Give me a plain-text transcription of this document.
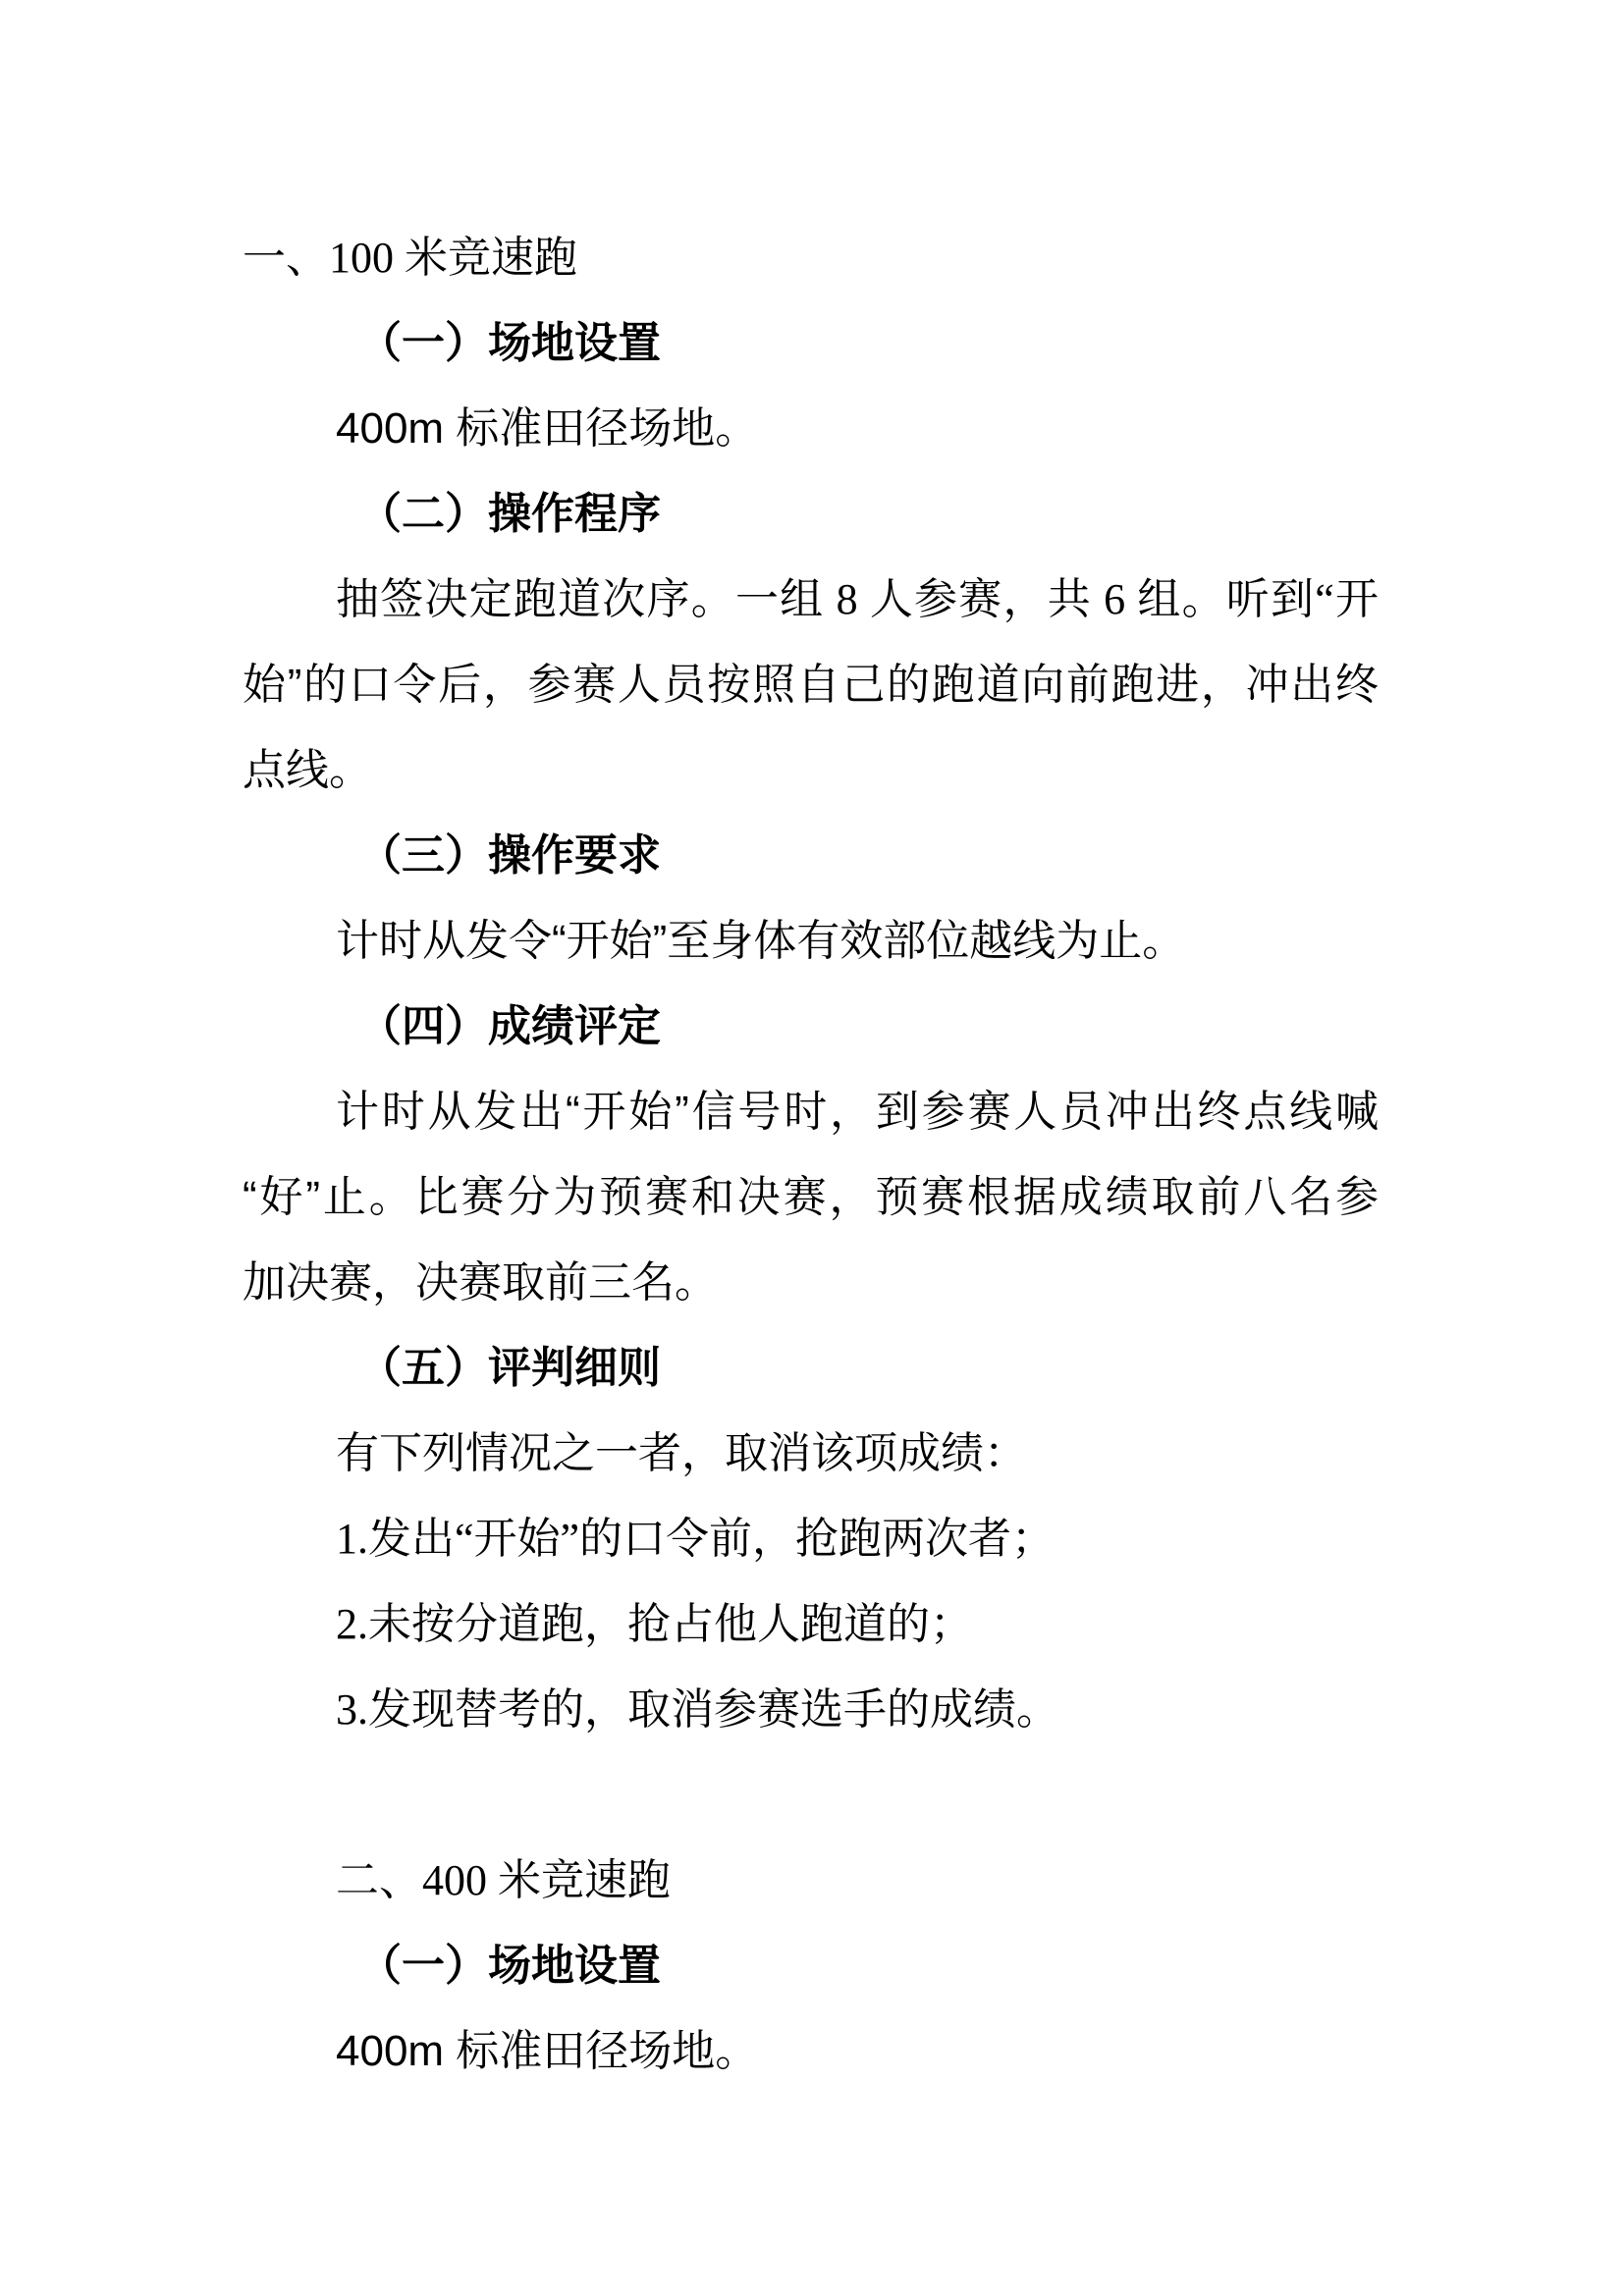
一、100 米竞速跑
（一）场地设置
400m 标准田径场地。
（二）操作程序
抽签决定跑道次序。一组 8 人参赛，共 6 组。听到“开
始”的口令后，参赛人员按照自己的跑道向前跑进，冲出终
点线。
（三）操作要求
计时从发令“开始”至身体有效部位越线为止。
（四）成绩评定
计时从发出“开始”信号时，到参赛人员冲出终点线喊
“好”止。比赛分为预赛和决赛，预赛根据成绩取前八名参
加决赛，决赛取前三名。
（五）评判细则
有下列情况之一者，取消该项成绩：
1.发出“开始”的口令前，抢跑两次者；
2.未按分道跑，抢占他人跑道的；
3.发现替考的，取消参赛选手的成绩。
二、400 米竞速跑
（一）场地设置
400m 标准田径场地。
